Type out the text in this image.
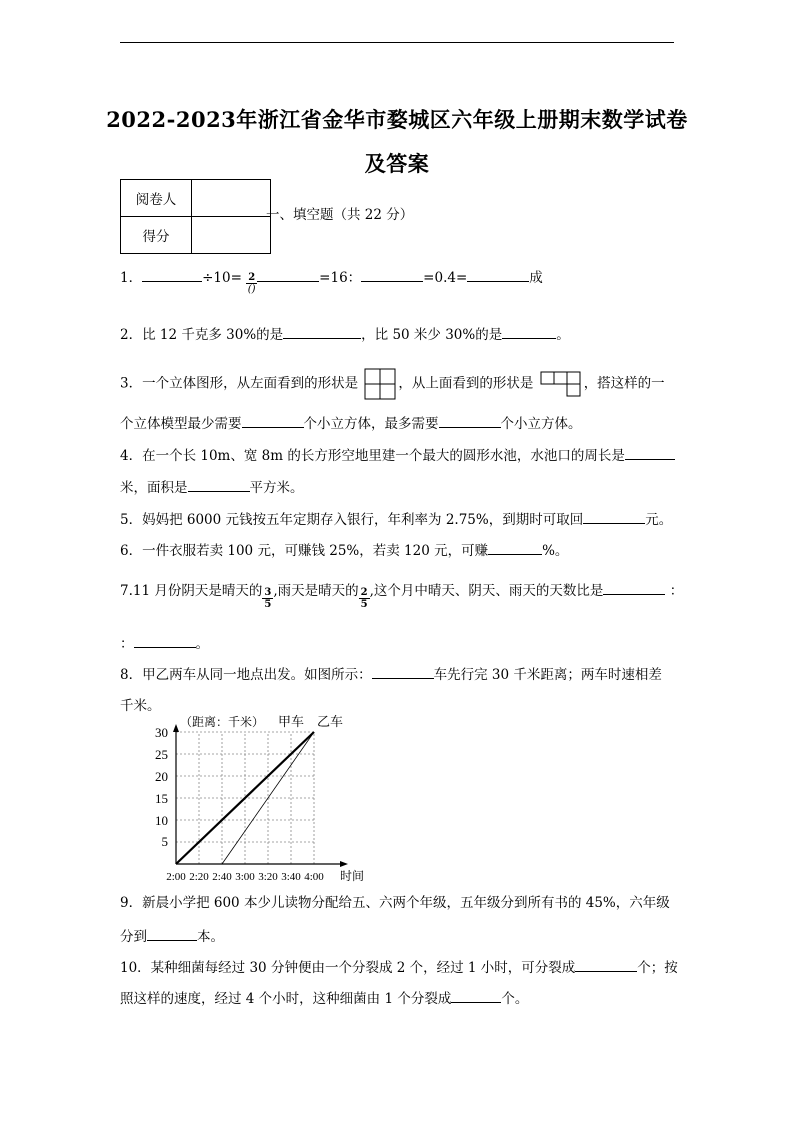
2022-2023年浙江省金华市婺城区六年级上册期末数学试卷
及答案
阅卷人	
得分	
一、填空题（共 22 分）
1．	$\div 10= \frac{2}{()}$	=16：	=0.4=	成
2．比 12 千克多 30%的是	，比 50 米少 30%的是	。
3．一个立体图形，从左面看到的形状是	，从上面看到的形状是	，搭这样的一
个立体模型最少需要	个小立方体，最多需要	个小立方体。
4．在一个长 10m、宽 8m 的长方形空地里建一个最大的圆形水池，水池口的周长是
米，面积是	平方米。
5．妈妈把 6000 元钱按五年定期存入银行，年利率为 2.75%，到期时可取回	元。
6．一件衣服若卖 100 元，可赚钱 25%，若卖 120 元，可赚	%。
7.11 月份阴天是晴天的 $\frac{3}{5}$ ,雨天是晴天的 $\frac{2}{5}$ ,这个月中晴天、阴天、雨天的天数比是	：
：	。
8．甲乙两车从同一地点出发。如图所示：	车先行完 30 千米距离；两车时速相差
千米。
5
10
15
20
25
30
2:00 2:20 2:40 3:00 3:20 3:40 4:00 时间
（距离：千米） 甲车 乙车
9．新晨小学把 600 本少儿读物分配给五、六两个年级，五年级分到所有书的 45%，六年级
分到	本。
10．某种细菌每经过 30 分钟便由一个分裂成 2 个，经过 1 小时，可分裂成	个；按
照这样的速度，经过 4 个小时，这种细菌由 1 个分裂成	个。
